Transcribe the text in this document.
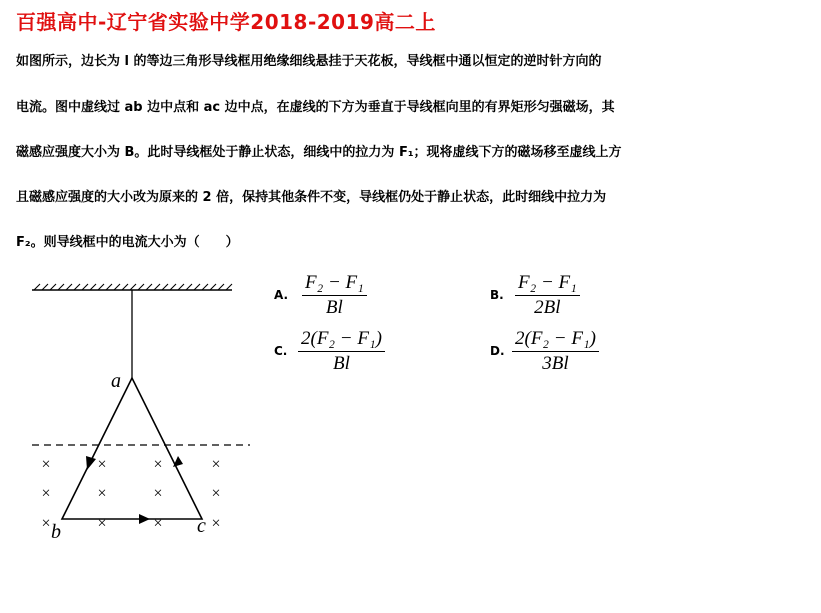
百强高中-辽宁省实验中学2018-2019高二上
如图所示，边长为 l 的等边三角形导线框用绝缘细线悬挂于天花板，导线框中通以恒定的逆时针方向的
电流。图中虚线过 ab 边中点和 ac 边中点，在虚线的下方为垂直于导线框向里的有界矩形匀强磁场，其
磁感应强度大小为 B。此时导线框处于静止状态，细线中的拉力为 F₁；现将虚线下方的磁场移至虚线上方
且磁感应强度的大小改为原来的 2 倍，保持其他条件不变，导线框仍处于静止状态，此时细线中拉力为
F₂。则导线框中的电流大小为（　　）
A. $\frac{\text{F₂ − F₁}}{Bl}$	B. $\frac{\text{F₂ − F₁}}{2Bl}$
C. $\frac{\text{2(F₂ − F₁)}}{Bl}$	D. $\frac{\text{2(F₂ − F₁)}}{3Bl}$
×	×	×	×
×	×	×	×
×	×	×	×
a
b	c
